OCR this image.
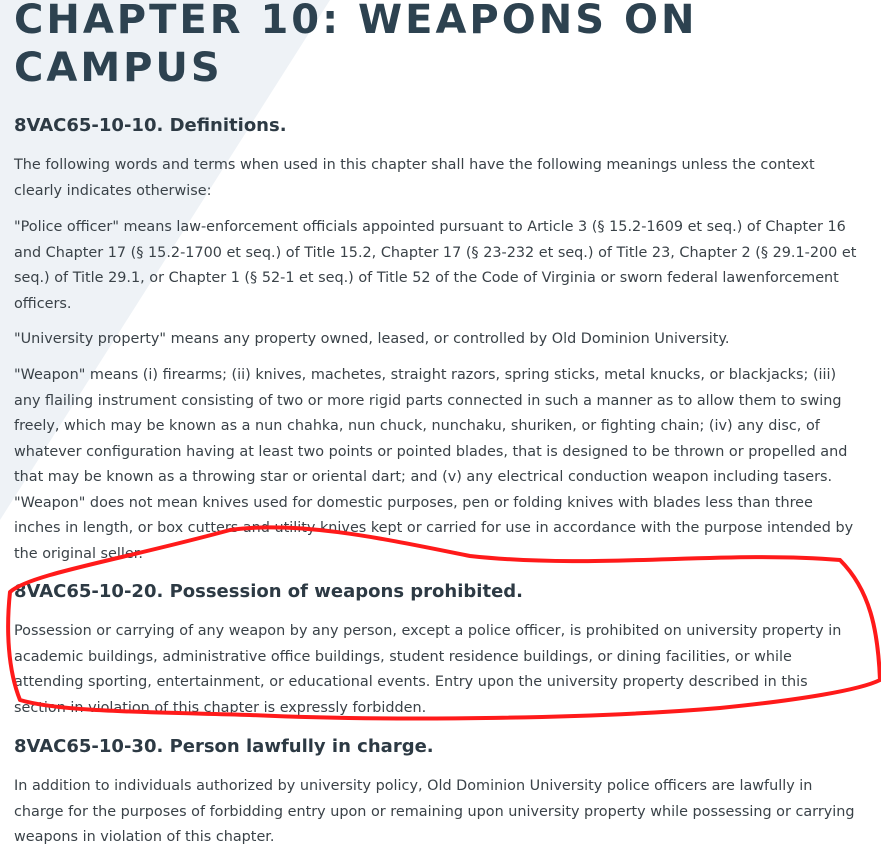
CHAPTER 10: WEAPONS ON CAMPUS
8VAC65-10-10. Definitions.

The following words and terms when used in this chapter shall have the following meanings unless the context clearly indicates otherwise:

"Police officer" means law-enforcement officials appointed pursuant to Article 3 (§ 15.2-1609 et seq.) of Chapter 16 and Chapter 17 (§ 15.2-1700 et seq.) of Title 15.2, Chapter 17 (§ 23-232 et seq.) of Title 23, Chapter 2 (§ 29.1-200 et seq.) of Title 29.1, or Chapter 1 (§ 52-1 et seq.) of Title 52 of the Code of Virginia or sworn federal lawenforcement officers.

"University property" means any property owned, leased, or controlled by Old Dominion University.

"Weapon" means (i) firearms; (ii) knives, machetes, straight razors, spring sticks, metal knucks, or blackjacks; (iii) any flailing instrument consisting of two or more rigid parts connected in such a manner as to allow them to swing freely, which may be known as a nun chahka, nun chuck, nunchaku, shuriken, or fighting chain; (iv) any disc, of whatever configuration having at least two points or pointed blades, that is designed to be thrown or propelled and that may be known as a throwing star or oriental dart; and (v) any electrical conduction weapon including tasers. "Weapon" does not mean knives used for domestic purposes, pen or folding knives with blades less than three inches in length, or box cutters and utility knives kept or carried for use in accordance with the purpose intended by the original seller.

8VAC65-10-20. Possession of weapons prohibited.

Possession or carrying of any weapon by any person, except a police officer, is prohibited on university property in academic buildings, administrative office buildings, student residence buildings, or dining facilities, or while attending sporting, entertainment, or educational events. Entry upon the university property described in this section in violation of this chapter is expressly forbidden.

8VAC65-10-30. Person lawfully in charge.

In addition to individuals authorized by university policy, Old Dominion University police officers are lawfully in charge for the purposes of forbidding entry upon or remaining upon university property while possessing or carrying weapons in violation of this chapter.
